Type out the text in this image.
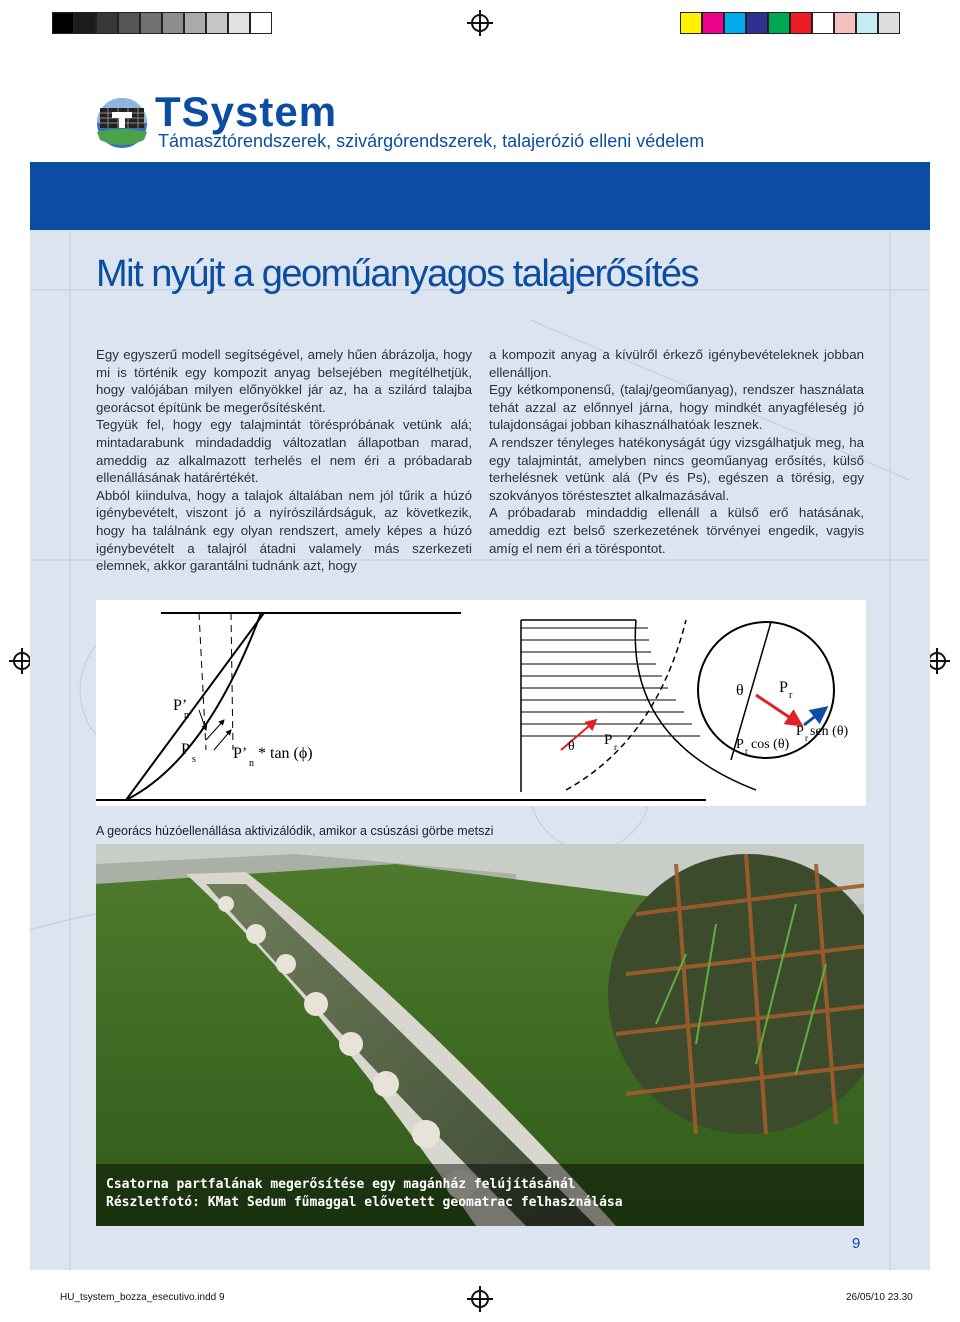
TSystem
Támasztórendszerek, szivárgórendszerek, talajerózió elleni védelem
Mit nyújt a geoműanyagos talajerősítés

Egy egyszerű modell segítségével, amely hűen ábrázolja, hogy mi is történik egy kompozit anyag belsejében megítélhetjük, hogy valójában milyen előnyökkel jár az, ha a szilárd talajba georácsot építünk be megerősítésként.

Tegyük fel, hogy egy talajmintát töréspróbának vetünk alá; mintadarabunk mindadaddig változatlan állapotban marad, ameddig az alkalmazott terhelés el nem éri a próbadarab ellenállásának határértékét.

Abból kiindulva, hogy a talajok általában nem jól tűrik a húzó igénybevételt, viszont jó a nyírószilárdságuk, az következik, hogy ha találnánk egy olyan rendszert, amely képes a húzó igénybevételt a talajról átadni valamely más szerkezeti elemnek, akkor garantálni tudnánk azt, hogy

a kompozit anyag a kívülről érkező igénybevételeknek jobban ellenálljon.

Egy kétkomponensű, (talaj/geoműanyag), rendszer használata tehát azzal az előnnyel járna, hogy mindkét anyagféleség jó tulajdonságai jobban kihasználhatóak lesznek.

A rendszer tényleges hatékonyságát úgy vizsgálhatjuk meg, ha egy talajmintát, amelyben nincs geoműanyag erősítés, külső terhelésnek vetünk alá (Pv és Ps), egészen a törésig, egy szokványos töréstesztet alkalmazásával.

A próbadarab mindaddig ellenáll a külső erő hatásának, ameddig ezt belső szerkezetének törvényei engedik, vagyis amíg el nem éri a töréspontot.

P’
n
P
s P’
n
* tan (ϕ)	θ P r
θ P r
P r cos (θ)
P r sen (θ)
A georács húzóellenállása aktivizálódik, amikor a csúszási görbe metszi
Csatorna partfalának megerősítése egy magánház felújításánál
Részletfotó: KMat Sedum fűmaggal elővetett geomatrac felhasználása
9
HU_tsystem_bozza_esecutivo.indd 9	26/05/10 23.30
